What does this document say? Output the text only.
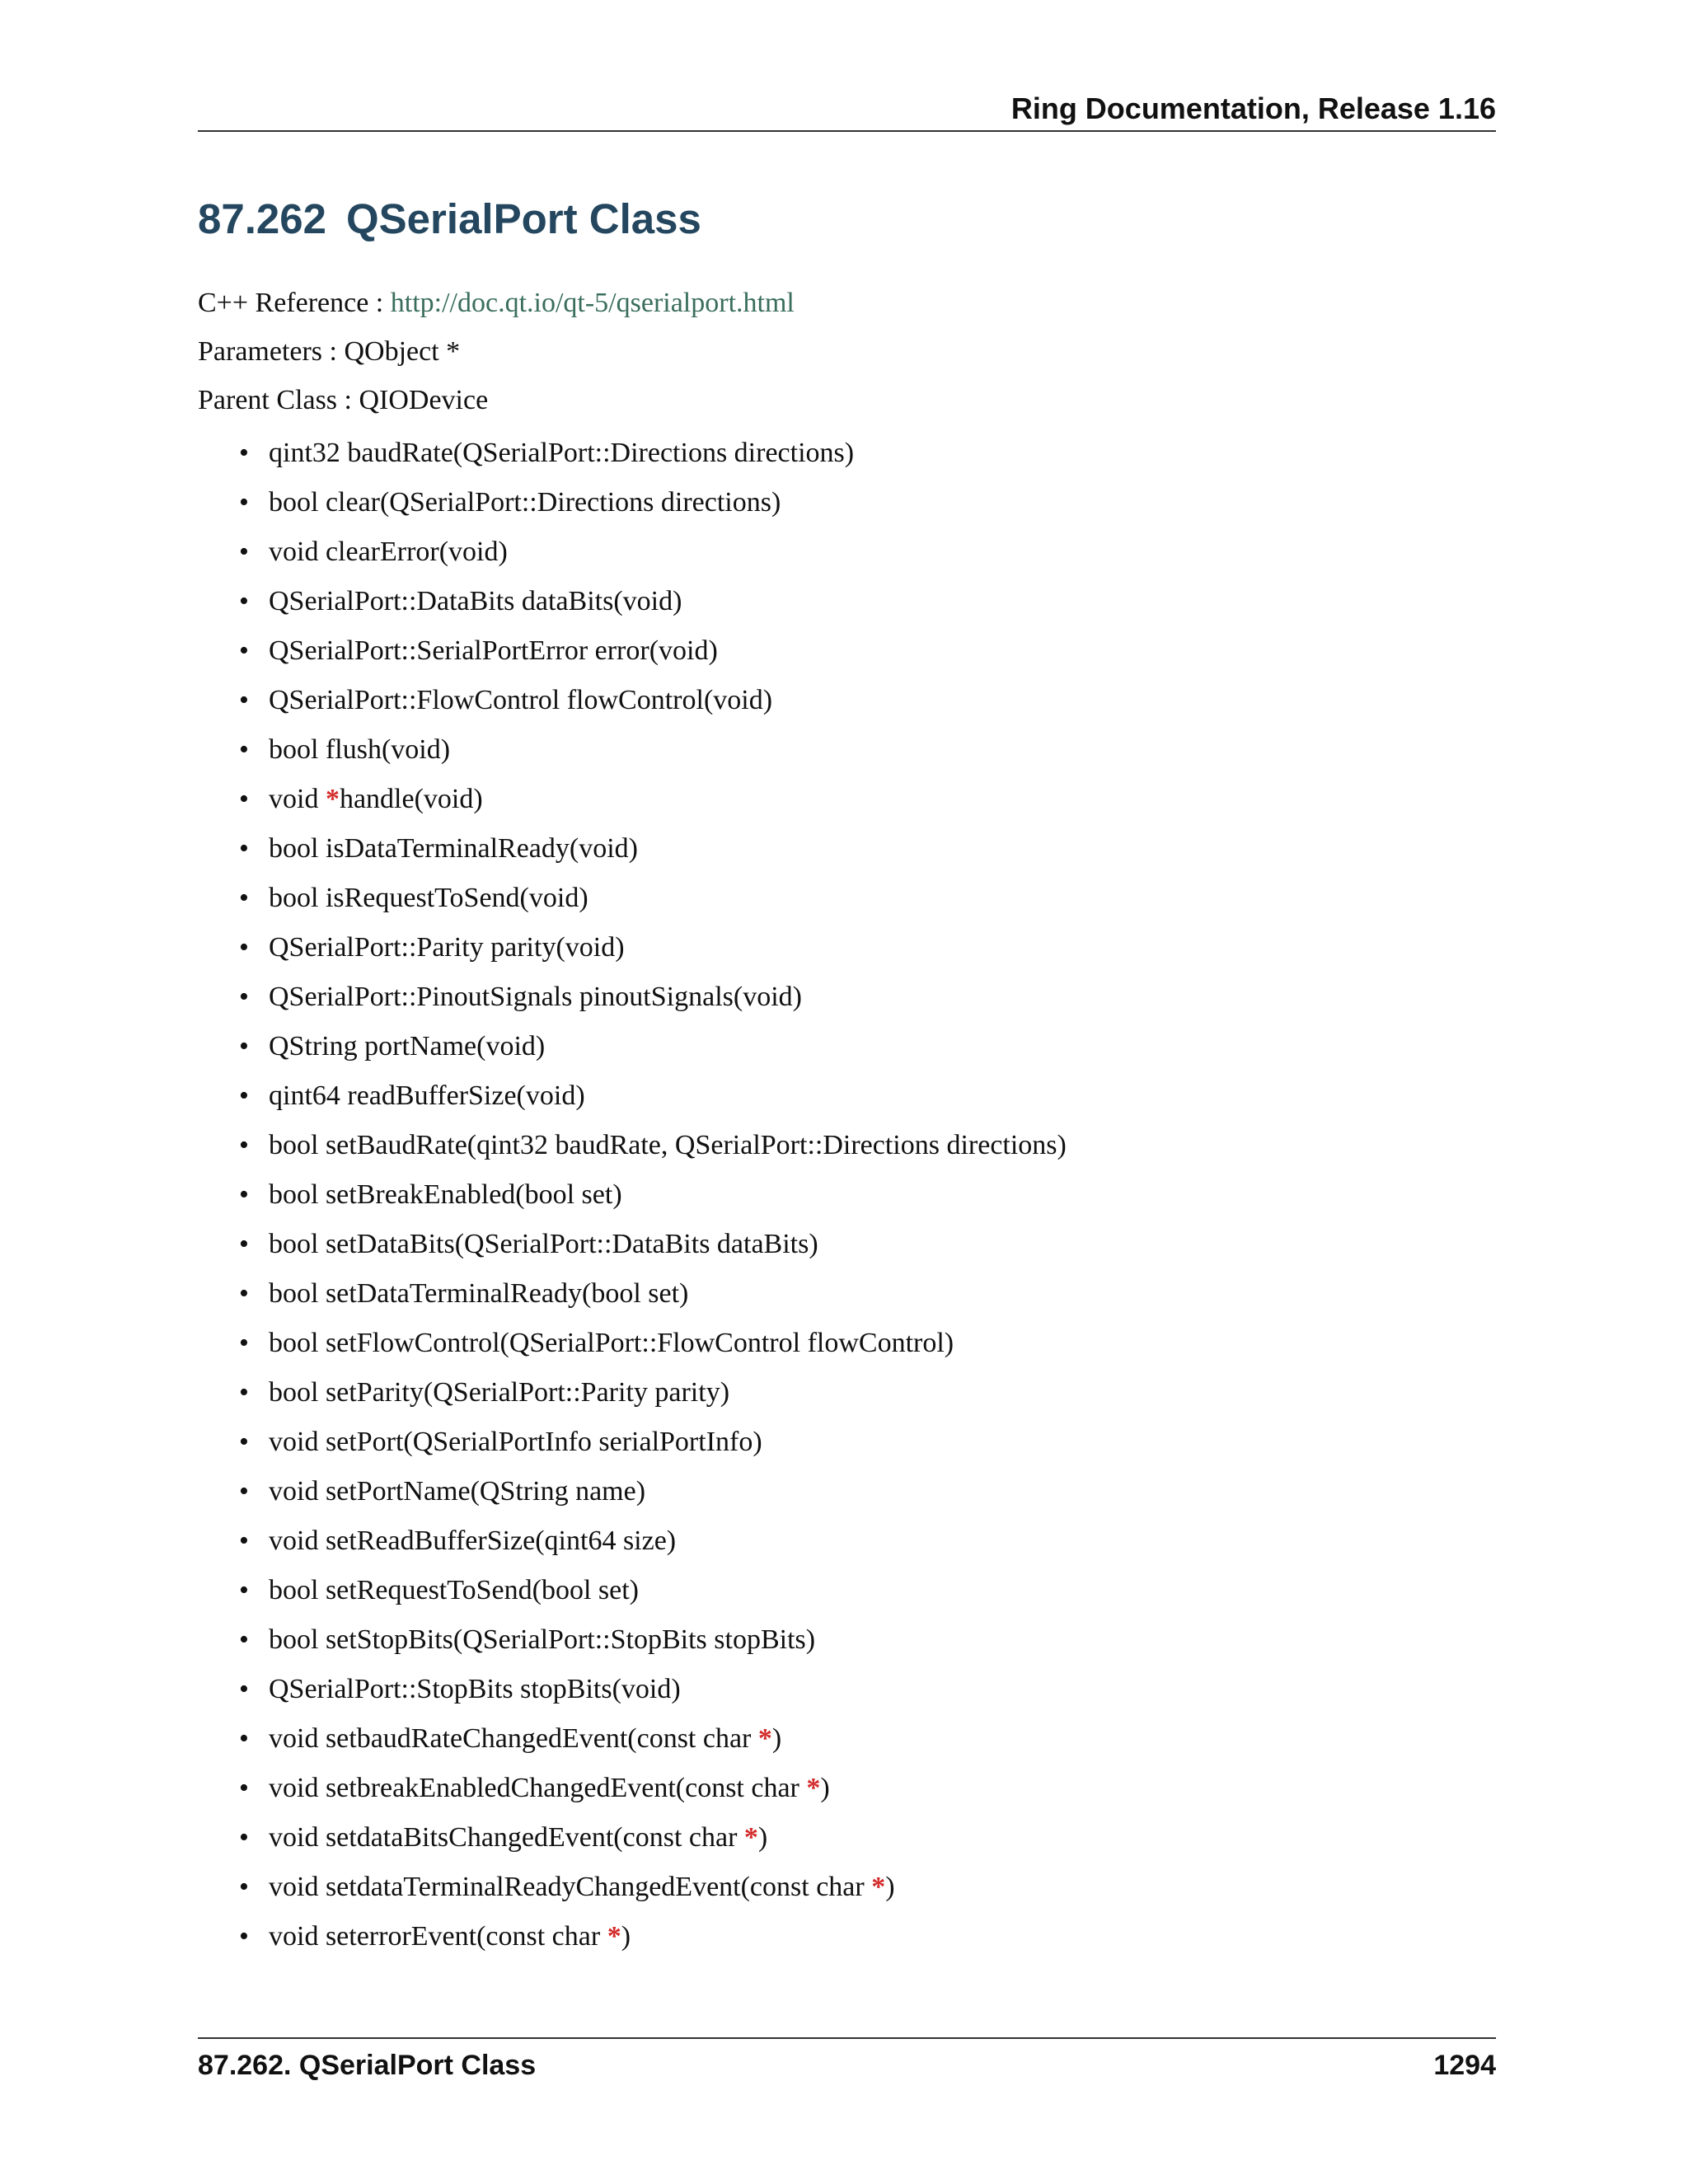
Ring Documentation, Release 1.16
87.262 QSerialPort Class
C++ Reference : http://doc.qt.io/qt-5/qserialport.html
Parameters : QObject *
Parent Class : QIODevice
• qint32 baudRate(QSerialPort::Directions directions)
• bool clear(QSerialPort::Directions directions)
• void clearError(void)
• QSerialPort::DataBits dataBits(void)
• QSerialPort::SerialPortError error(void)
• QSerialPort::FlowControl flowControl(void)
• bool flush(void)
• void *handle(void)
• bool isDataTerminalReady(void)
• bool isRequestToSend(void)
• QSerialPort::Parity parity(void)
• QSerialPort::PinoutSignals pinoutSignals(void)
• QString portName(void)
• qint64 readBufferSize(void)
• bool setBaudRate(qint32 baudRate, QSerialPort::Directions directions)
• bool setBreakEnabled(bool set)
• bool setDataBits(QSerialPort::DataBits dataBits)
• bool setDataTerminalReady(bool set)
• bool setFlowControl(QSerialPort::FlowControl flowControl)
• bool setParity(QSerialPort::Parity parity)
• void setPort(QSerialPortInfo serialPortInfo)
• void setPortName(QString name)
• void setReadBufferSize(qint64 size)
• bool setRequestToSend(bool set)
• bool setStopBits(QSerialPort::StopBits stopBits)
• QSerialPort::StopBits stopBits(void)
• void setbaudRateChangedEvent(const char *)
• void setbreakEnabledChangedEvent(const char *)
• void setdataBitsChangedEvent(const char *)
• void setdataTerminalReadyChangedEvent(const char *)
• void seterrorEvent(const char *)
87.262. QSerialPort Class	1294
